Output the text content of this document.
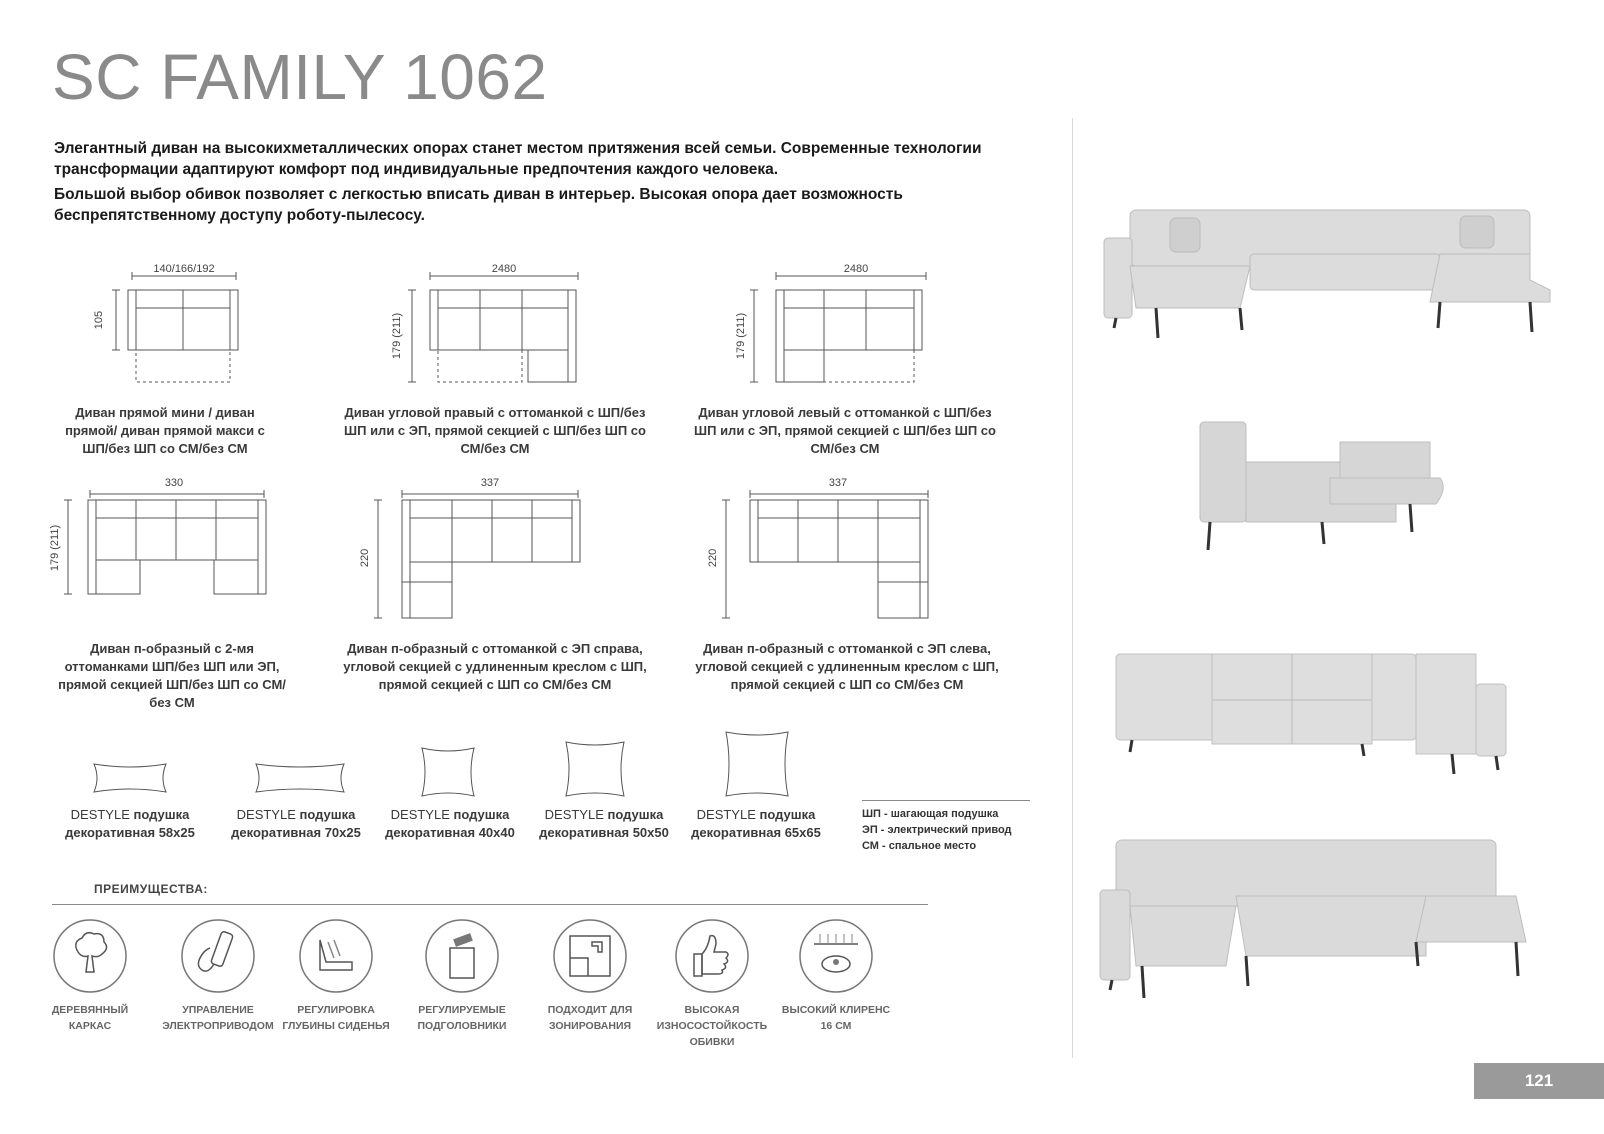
SC FAMILY 1062

Элегантный диван на высокихметаллических опорах станет местом притяжения всей семьи. Современные технологии трансформации адаптируют комфорт под индивидуальные предпочтения каждого человека.

Большой выбор обивок позволяет с легкостью вписать диван в интерьер. Высокая опора дает возможность беспрепятственному доступу роботу-пылесосу.

140/166/192
105
Диван прямой мини / диван прямой/ диван прямой макси с ШП/без ШП со СМ/без СМ
2480
179 (211)
Диван угловой правый с оттоманкой с ШП/без ШП или с ЭП, прямой секцией с ШП/без ШП со СМ/без СМ
2480
179 (211)
Диван угловой левый с оттоманкой с ШП/без ШП или с ЭП, прямой секцией с ШП/без ШП со СМ/без СМ
330
179 (211)
Диван п-образный с 2-мя оттоманками ШП/без ШП или ЭП, прямой секцией ШП/без ШП со СМ/без СМ
337
220
Диван п-образный с оттоманкой с ЭП справа, угловой секцией с удлиненным креслом с ШП, прямой секцией с ШП со СМ/без СМ
337
220
Диван п-образный с оттоманкой с ЭП слева, угловой секцией с удлиненным креслом с ШП, прямой секцией с ШП со СМ/без СМ
DESTYLE подушка
декоративная 58х25
DESTYLE подушка
декоративная 70х25
DESTYLE подушка
декоративная 40х40
DESTYLE подушка
декоративная 50х50
DESTYLE подушка
декоративная 65х65
ШП - шагающая подушка
ЭП - электрический привод
СМ - спальное место
ПРЕИМУЩЕСТВА:
ДЕРЕВЯННЫЙ КАРКАС
УПРАВЛЕНИЕ ЭЛЕКТРОПРИВОДОМ
РЕГУЛИРОВКА ГЛУБИНЫ СИДЕНЬЯ
РЕГУЛИРУЕМЫЕ ПОДГОЛОВНИКИ
ПОДХОДИТ ДЛЯ ЗОНИРОВАНИЯ
ВЫСОКАЯ ИЗНОСОСТОЙКОСТЬ ОБИВКИ
ВЫСОКИЙ КЛИРЕНС 16 СМ
121
